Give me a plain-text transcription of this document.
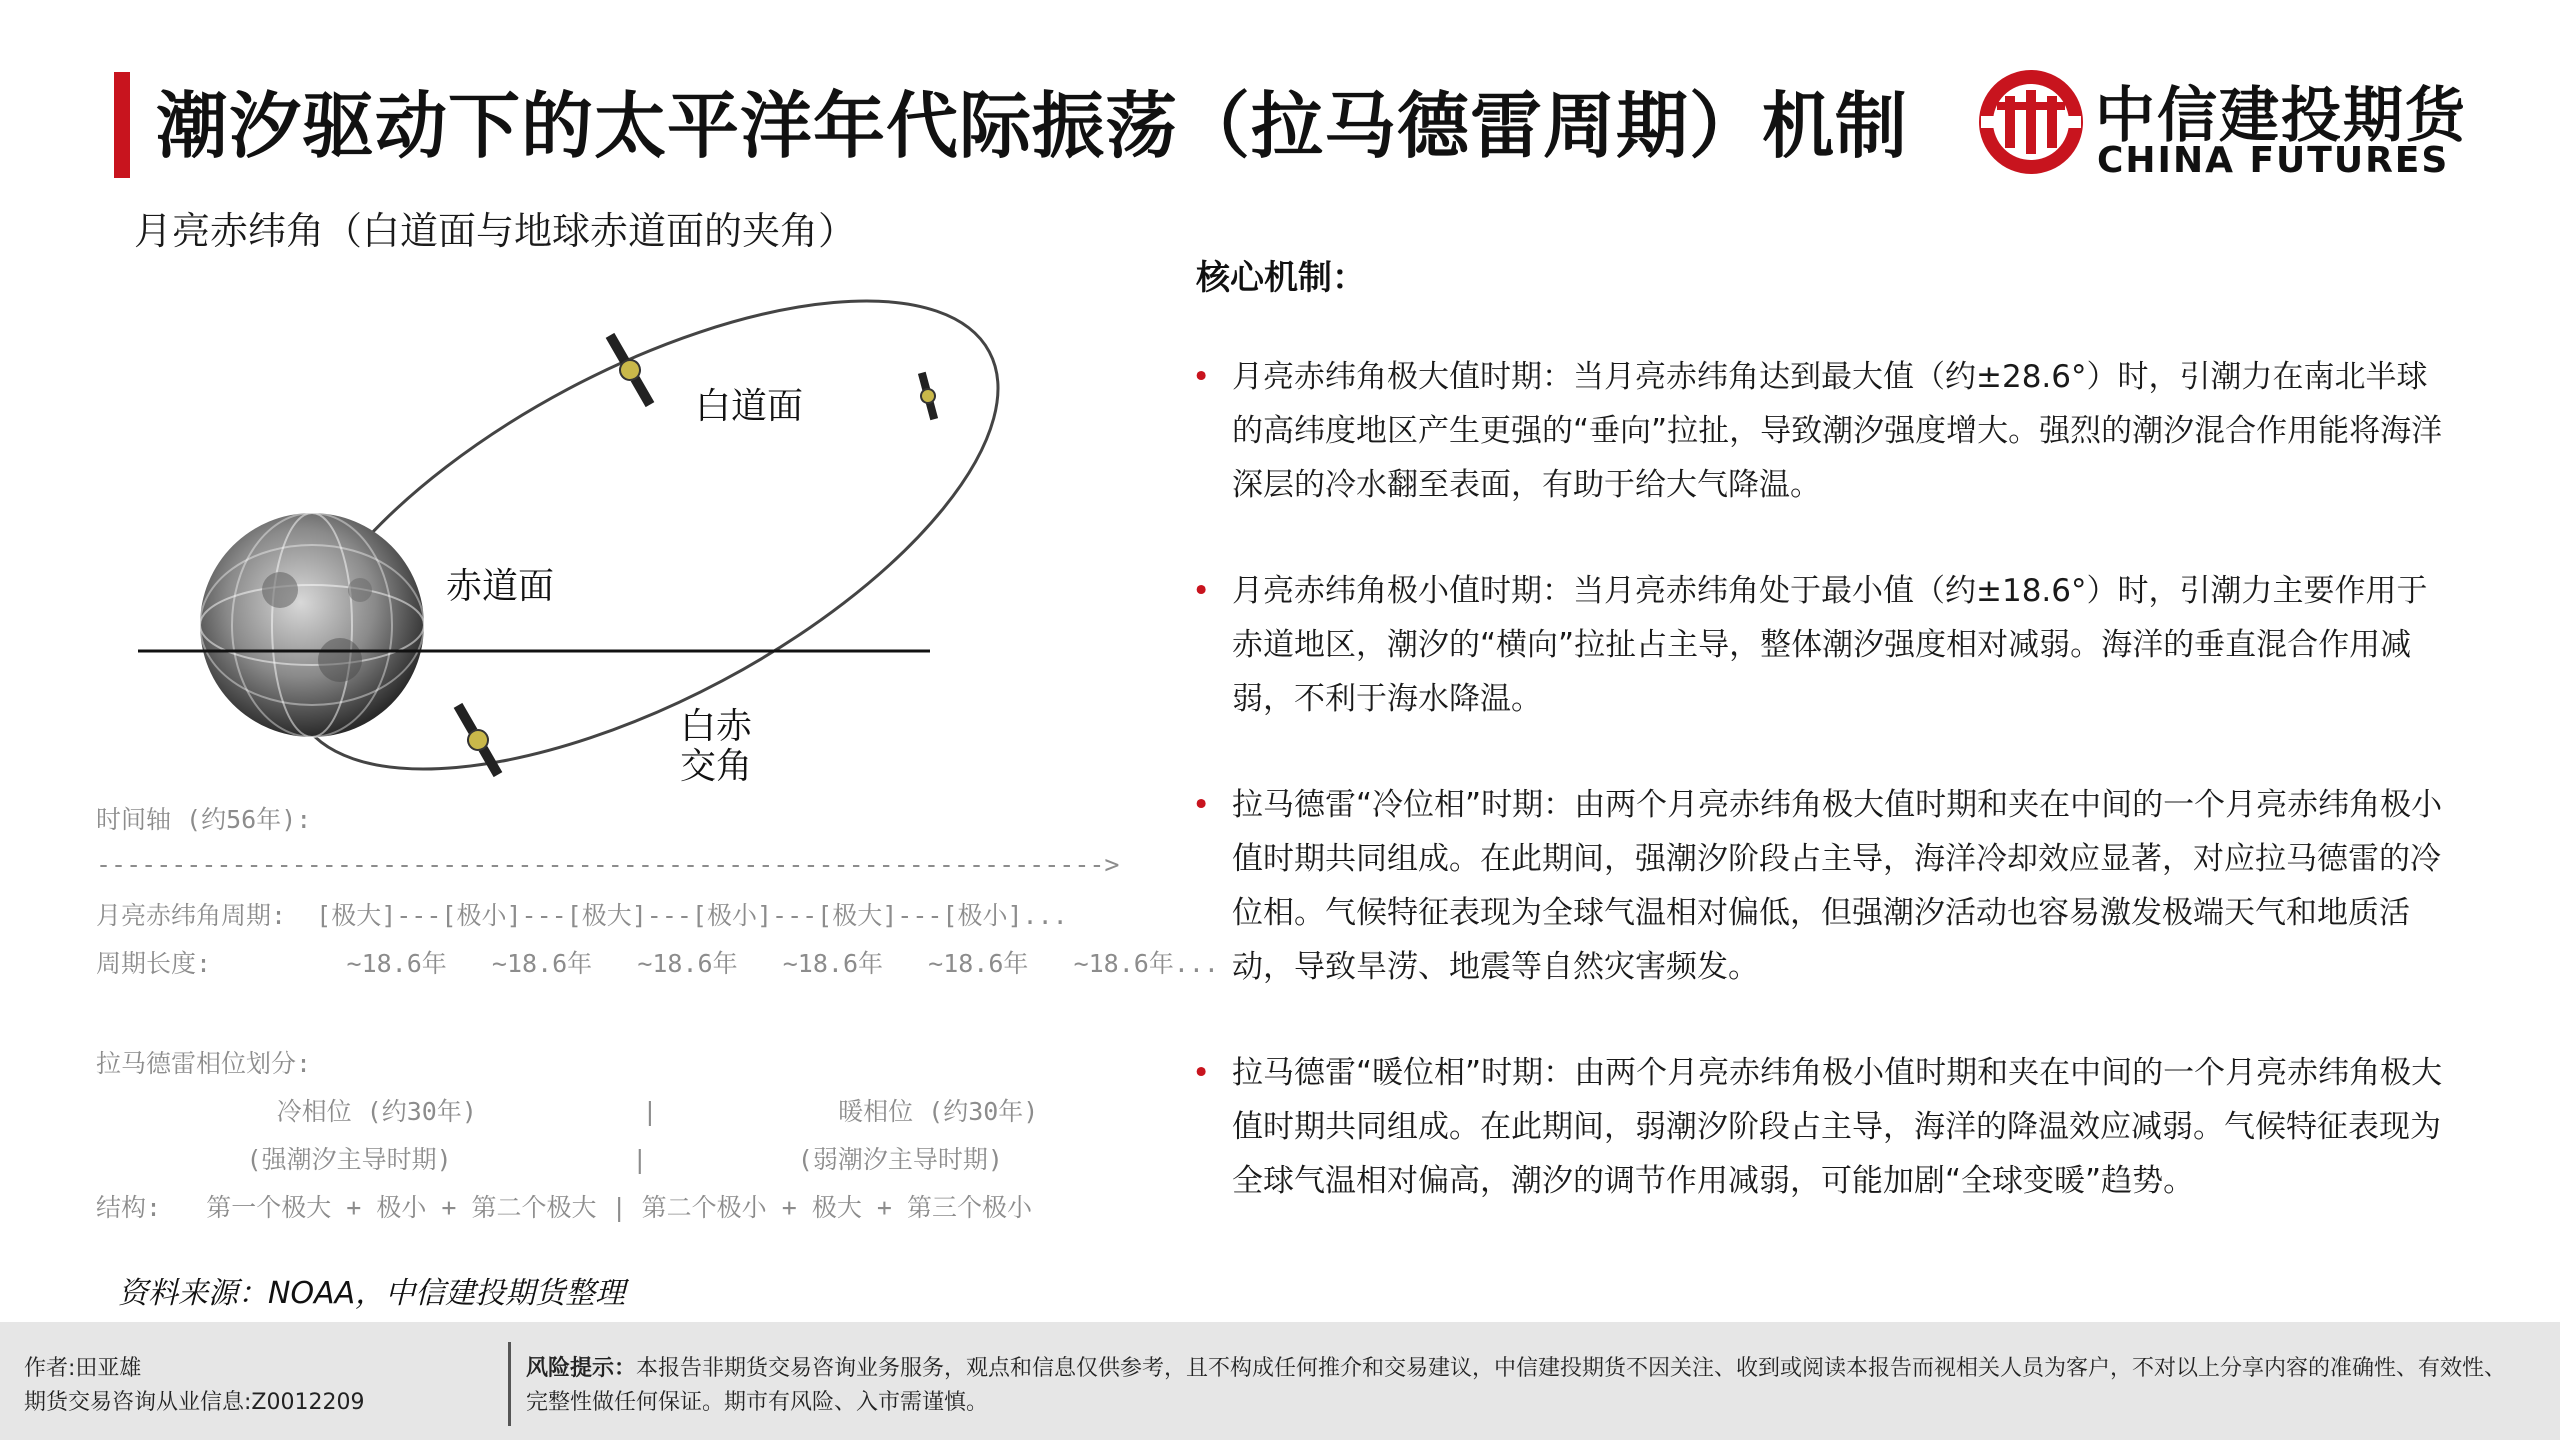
潮汐驱动下的太平洋年代际振荡（拉马德雷周期）机制	中信建投期货
CHINA FUTURES
月亮赤纬角（白道面与地球赤道面的夹角）
白道面
赤道面
白赤
交角

时间轴 (约56年):

------------------------------------------------------------------->

月亮赤纬角周期:  [极大]---[极小]---[极大]---[极小]---[极大]---[极小]...

周期长度:         ~18.6年   ~18.6年   ~18.6年   ~18.6年   ~18.6年   ~18.6年...

拉马德雷相位划分:

冷相位 (约30年)           |            暖相位 (约30年)

(强潮汐主导时期)            |          (弱潮汐主导时期)

结构:   第一个极大 + 极小 + 第二个极大 | 第二个极小 + 极大 + 第三个极小

资料来源：NOAA，中信建投期货整理
核心机制：
• 月亮赤纬角极大值时期：当月亮赤纬角达到最大值（约±28.6°）时，引潮力在南北半球的高纬度地区产生更强的“垂向”拉扯，导致潮汐强度增大。强烈的潮汐混合作用能将海洋深层的冷水翻至表面，有助于给大气降温。
• 月亮赤纬角极小值时期：当月亮赤纬角处于最小值（约±18.6°）时，引潮力主要作用于赤道地区，潮汐的“横向”拉扯占主导，整体潮汐强度相对减弱。海洋的垂直混合作用减弱，不利于海水降温。
• 拉马德雷“冷位相”时期：由两个月亮赤纬角极大值时期和夹在中间的一个月亮赤纬角极小值时期共同组成。在此期间，强潮汐阶段占主导，海洋冷却效应显著，对应拉马德雷的冷位相。气候特征表现为全球气温相对偏低，但强潮汐活动也容易激发极端天气和地质活动，导致旱涝、地震等自然灾害频发。
• 拉马德雷“暖位相”时期：由两个月亮赤纬角极小值时期和夹在中间的一个月亮赤纬角极大值时期共同组成。在此期间，弱潮汐阶段占主导，海洋的降温效应减弱。气候特征表现为全球气温相对偏高，潮汐的调节作用减弱，可能加剧“全球变暖”趋势。
作者:田亚雄
期货交易咨询从业信息:Z0012209
风险提示：本报告非期货交易咨询业务服务，观点和信息仅供参考，且不构成任何推介和交易建议，中信建投期货不因关注、收到或阅读本报告而视相关人员为客户，不对以上分享内容的准确性、有效性、完整性做任何保证。期市有风险、入市需谨慎。
